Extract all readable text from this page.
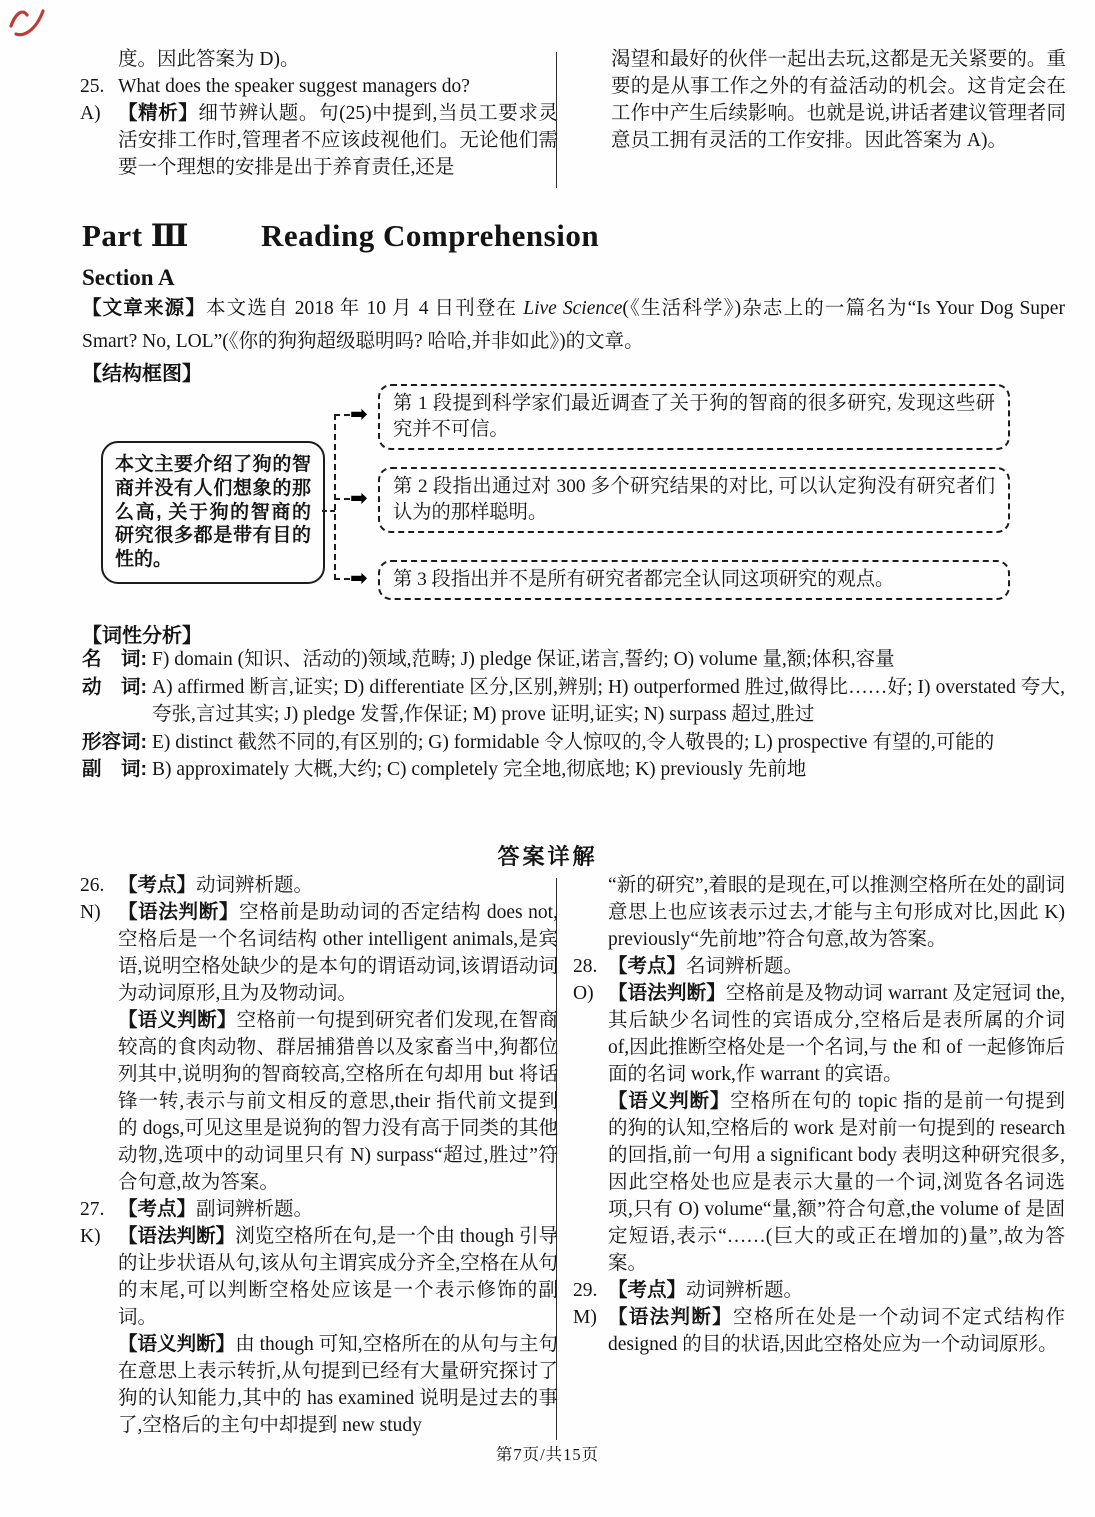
度。因此答案为 D)。
25. What does the speaker suggest managers do?
A) 【精析】细节辨认题。句(25)中提到,当员工要求灵活安排工作时,管理者不应该歧视他们。无论他们需要一个理想的安排是出于养育责任,还是
渴望和最好的伙伴一起出去玩,这都是无关紧要的。重要的是从事工作之外的有益活动的机会。这肯定会在工作中产生后续影响。也就是说,讲话者建议管理者同意员工拥有灵活的工作安排。因此答案为 A)。
Part Ⅲ Reading Comprehension
Section A
【文章来源】本文选自 2018 年 10 月 4 日刊登在 Live Science(《生活科学》)杂志上的一篇名为“Is Your Dog Super Smart? No, LOL”(《你的狗狗超级聪明吗? 哈哈,并非如此》)的文章。
【结构框图】
本文主要介绍了狗的智商并没有人们想象的那么高, 关于狗的智商的研究很多都是带有目的性的。
➡
➡
➡
第 1 段提到科学家们最近调查了关于狗的智商的很多研究, 发现这些研究并不可信。
第 2 段指出通过对 300 多个研究结果的对比, 可以认定狗没有研究者们认为的那样聪明。
第 3 段指出并不是所有研究者都完全认同这项研究的观点。
【词性分析】
名　词: F) domain (知识、活动的)领域,范畴; J) pledge 保证,诺言,誓约; O) volume 量,额;体积,容量
动　词: A) affirmed 断言,证实; D) differentiate 区分,区别,辨别; H) outperformed 胜过,做得比……好; I) overstated 夸大,夸张,言过其实; J) pledge 发誓,作保证; M) prove 证明,证实; N) surpass 超过,胜过
形容词: E) distinct 截然不同的,有区别的; G) formidable 令人惊叹的,令人敬畏的; L) prospective 有望的,可能的
副　词: B) approximately 大概,大约; C) completely 完全地,彻底地; K) previously 先前地
答案详解
26. 【考点】动词辨析题。
N) 【语法判断】空格前是助动词的否定结构 does not,空格后是一个名词结构 other intelligent animals,是宾语,说明空格处缺少的是本句的谓语动词,该谓语动词为动词原形,且为及物动词。
【语义判断】空格前一句提到研究者们发现,在智商较高的食肉动物、群居捕猎兽以及家畜当中,狗都位列其中,说明狗的智商较高,空格所在句却用 but 将话锋一转,表示与前文相反的意思,their 指代前文提到的 dogs,可见这里是说狗的智力没有高于同类的其他动物,选项中的动词里只有 N) surpass“超过,胜过”符合句意,故为答案。
27. 【考点】副词辨析题。
K) 【语法判断】浏览空格所在句,是一个由 though 引导的让步状语从句,该从句主谓宾成分齐全,空格在从句的末尾,可以判断空格处应该是一个表示修饰的副词。
【语义判断】由 though 可知,空格所在的从句与主句在意思上表示转折,从句提到已经有大量研究探讨了狗的认知能力,其中的 has examined 说明是过去的事了,空格后的主句中却提到 new study
“新的研究”,着眼的是现在,可以推测空格所在处的副词意思上也应该表示过去,才能与主句形成对比,因此 K) previously“先前地”符合句意,故为答案。
28. 【考点】名词辨析题。
O) 【语法判断】空格前是及物动词 warrant 及定冠词 the,其后缺少名词性的宾语成分,空格后是表所属的介词 of,因此推断空格处是一个名词,与 the 和 of 一起修饰后面的名词 work,作 warrant 的宾语。
【语义判断】空格所在句的 topic 指的是前一句提到的狗的认知,空格后的 work 是对前一句提到的 research 的回指,前一句用 a significant body 表明这种研究很多,因此空格处也应是表示大量的一个词,浏览各名词选项,只有 O) volume“量,额”符合句意,the volume of 是固定短语,表示“……(巨大的或正在增加的)量”,故为答案。
29. 【考点】动词辨析题。
M) 【语法判断】空格所在处是一个动词不定式结构作 designed 的目的状语,因此空格处应为一个动词原形。
第7页/共15页
